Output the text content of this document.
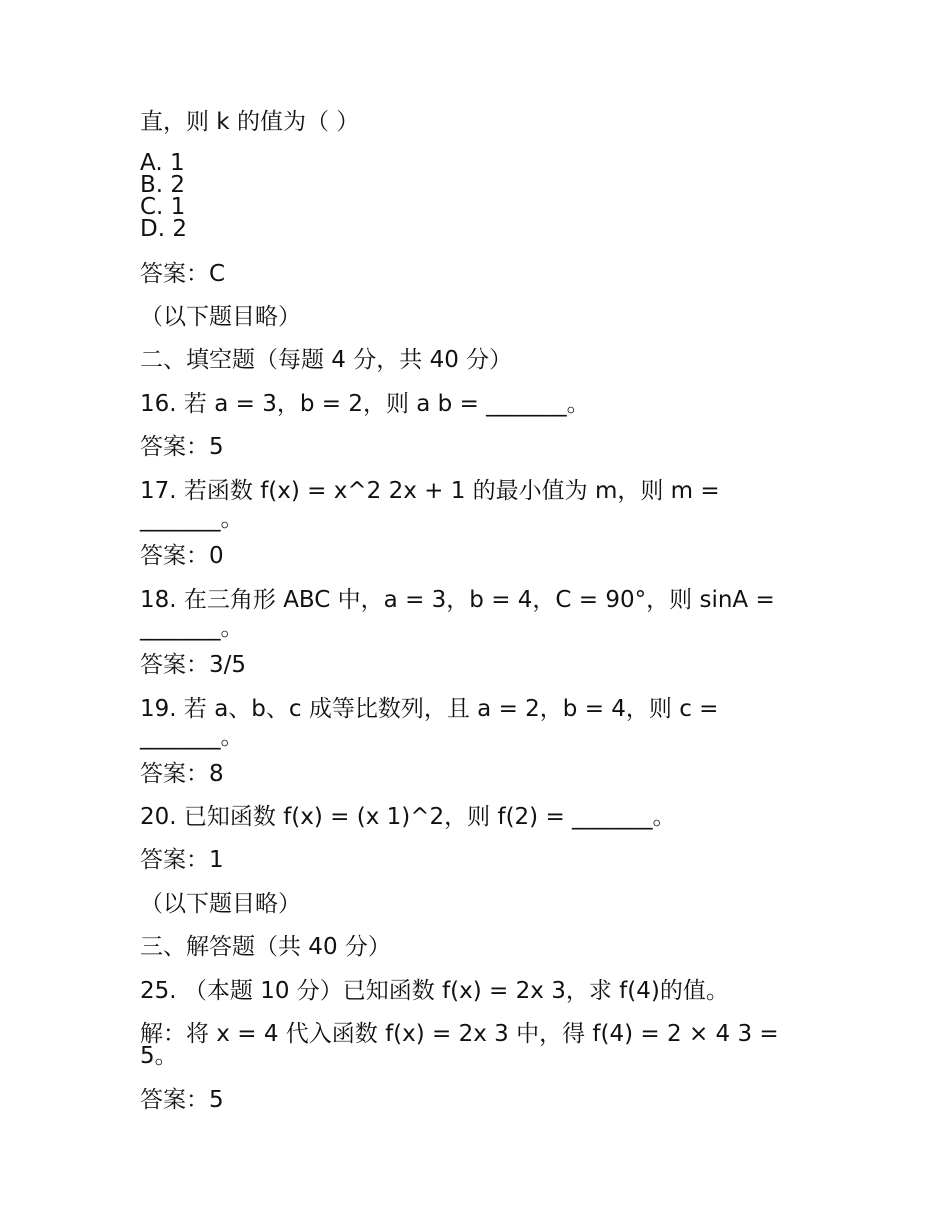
直，则 k 的值为（ ）
A. 1
B. 2
C. 1
D. 2
答案：C
（以下题目略）
二、填空题（每题 4 分，共 40 分）
16. 若 a = 3，b = 2，则 a b = _______。
答案：5
17. 若函数 f(x) = x^2 2x + 1 的最小值为 m，则 m =
_______。
答案：0
18. 在三角形 ABC 中，a = 3，b = 4，C = 90°，则 sinA =
_______。
答案：3/5
19. 若 a、b、c 成等比数列，且 a = 2，b = 4，则 c =
_______。
答案：8
20. 已知函数 f(x) = (x 1)^2，则 f(2) = _______。
答案：1
（以下题目略）
三、解答题（共 40 分）
25. （本题 10 分）已知函数 f(x) = 2x 3，求 f(4)的值。
解：将 x = 4 代入函数 f(x) = 2x 3 中，得 f(4) = 2 × 4 3 =
5。
答案：5
